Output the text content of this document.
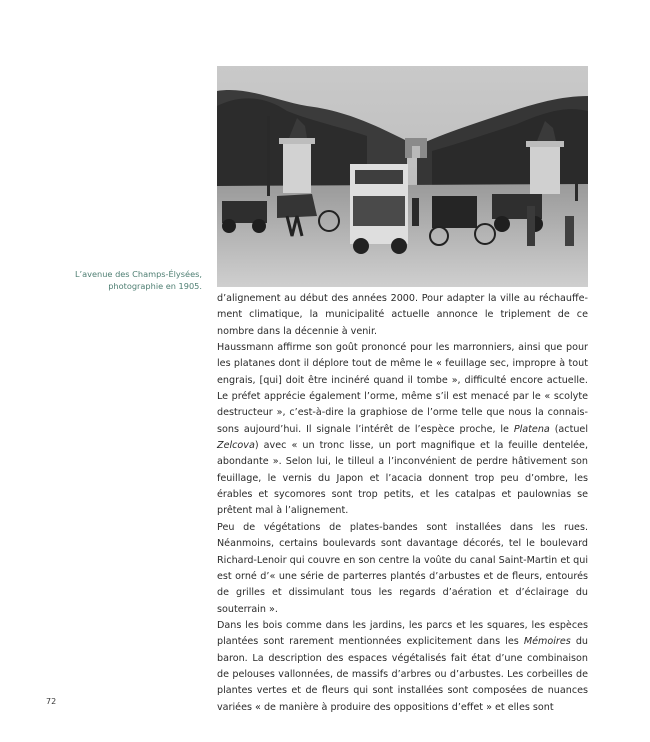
L’avenue des Champs-Élysées,
photographie en 1905.

d’alignement au début des années 2000. Pour adapter la ville au réchauffe-ment climatique, la municipalité actuelle annonce le triplement de ce nombre dans la décennie à venir.

Haussmann affirme son goût prononcé pour les marronniers, ainsi que pour les platanes dont il déplore tout de même le « feuillage sec, impropre à tout engrais, [qui] doit être incinéré quand il tombe », difficulté encore actuelle. Le préfet apprécie également l’orme, même s’il est menacé par le « scolyte destructeur », c’est-à-dire la graphiose de l’orme telle que nous la connais-sons aujourd’hui. Il signale l’intérêt de l’espèce proche, le Platena (actuel Zelcova) avec « un tronc lisse, un port magnifique et la feuille dentelée, abondante ». Selon lui, le tilleul a l’inconvénient de perdre hâtivement son feuillage, le vernis du Japon et l’acacia donnent trop peu d’ombre, les érables et sycomores sont trop petits, et les catalpas et paulownias se prêtent mal à l’alignement.

Peu de végétations de plates-bandes sont installées dans les rues. Néanmoins, certains boulevards sont davantage décorés, tel le boulevard Richard-Lenoir qui couvre en son centre la voûte du canal Saint-Martin et qui est orné d’« une série de parterres plantés d’arbustes et de fleurs, entourés de grilles et dissimulant tous les regards d’aération et d’éclairage du souterrain ».

Dans les bois comme dans les jardins, les parcs et les squares, les espèces plantées sont rarement mentionnées explicitement dans les Mémoires du baron. La description des espaces végétalisés fait état d’une combinaison de pelouses vallonnées, de massifs d’arbres ou d’arbustes. Les corbeilles de plantes vertes et de fleurs qui sont installées sont composées de nuances variées « de manière à produire des oppositions d’effet » et elles sont

72
